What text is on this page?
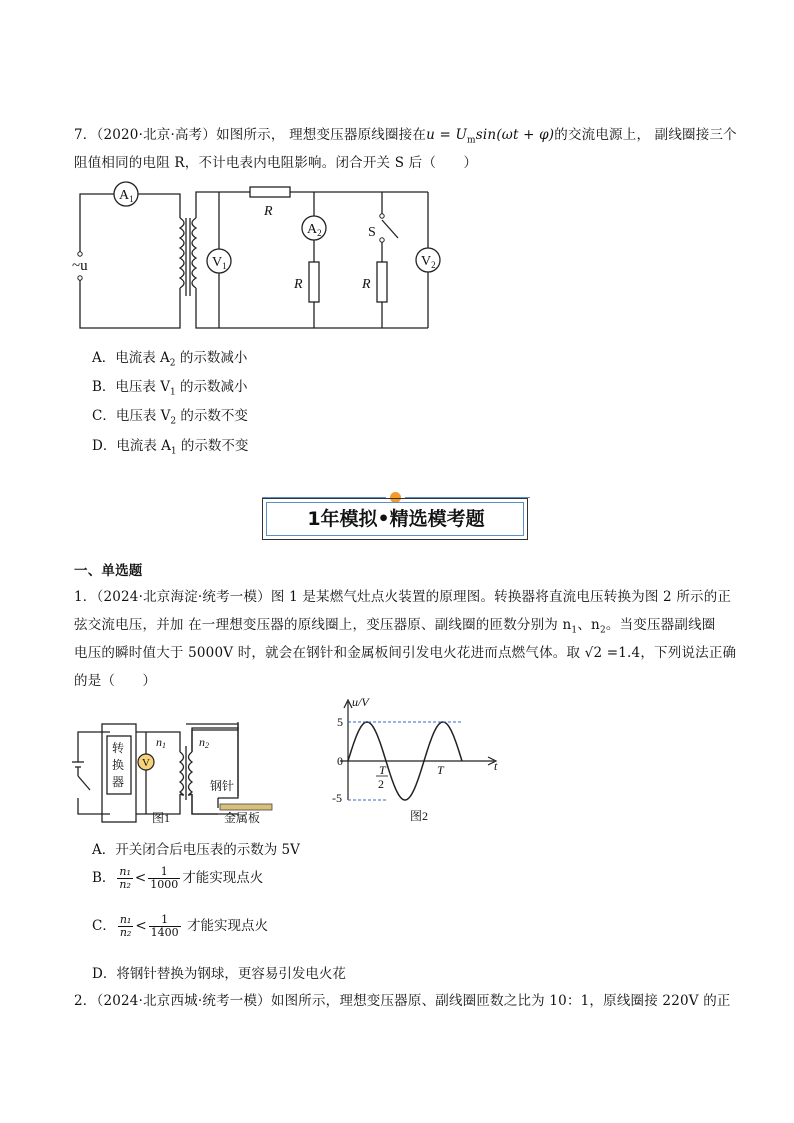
7．（2020·北京·高考）如图所示， 理想变压器原线圈接在$u = U_m\sin(\omega t + \varphi)$的交流电源上， 副线圈接三个
阻值相同的电阻 R，不计电表内电阻影响。闭合开关 S 后（　　）
$A_1$
$V_1$
$A_2$
$V_2$
R
R	R
S
~u
A．电流表 $A_2$ 的示数减小
B．电压表 $V_1$ 的示数减小
C．电压表 $V_2$ 的示数不变
D．电流表 $A_1$ 的示数不变
1年模拟•精选模考题
一、单选题
1．（2024·北京海淀·统考一模）图 1 是某燃气灶点火装置的原理图。转换器将直流电压转换为图 2 所示的正
弦交流电压，并加 在一理想变压器的原线圈上，变压器原、副线圈的匝数分别为 $n_1$、$n_2$。当变压器副线圈
电压的瞬时值大于 5000V 时，就会在钢针和金属板间引发电火花进而点燃气体。取 √2 =1.4，下列说法正确
的是（　　）
V
转
换
器
n1	n2
钢针
金属板
图1
u/V
5
-5
0
T
2
T	t
图2
A．开关闭合后电压表的示数为 5V
B． $\frac{\text{n₁}}{\text{n₂}} < \frac{1}{1000}$ 才能实现点火
C． $\frac{\text{n₁}}{\text{n₂}} < \frac{1}{1400}$ 才能实现点火
D．将钢针替换为钢球，更容易引发电火花
2．（2024·北京西城·统考一模）如图所示，理想变压器原、副线圈匝数之比为 10：1，原线圈接 220V 的正
